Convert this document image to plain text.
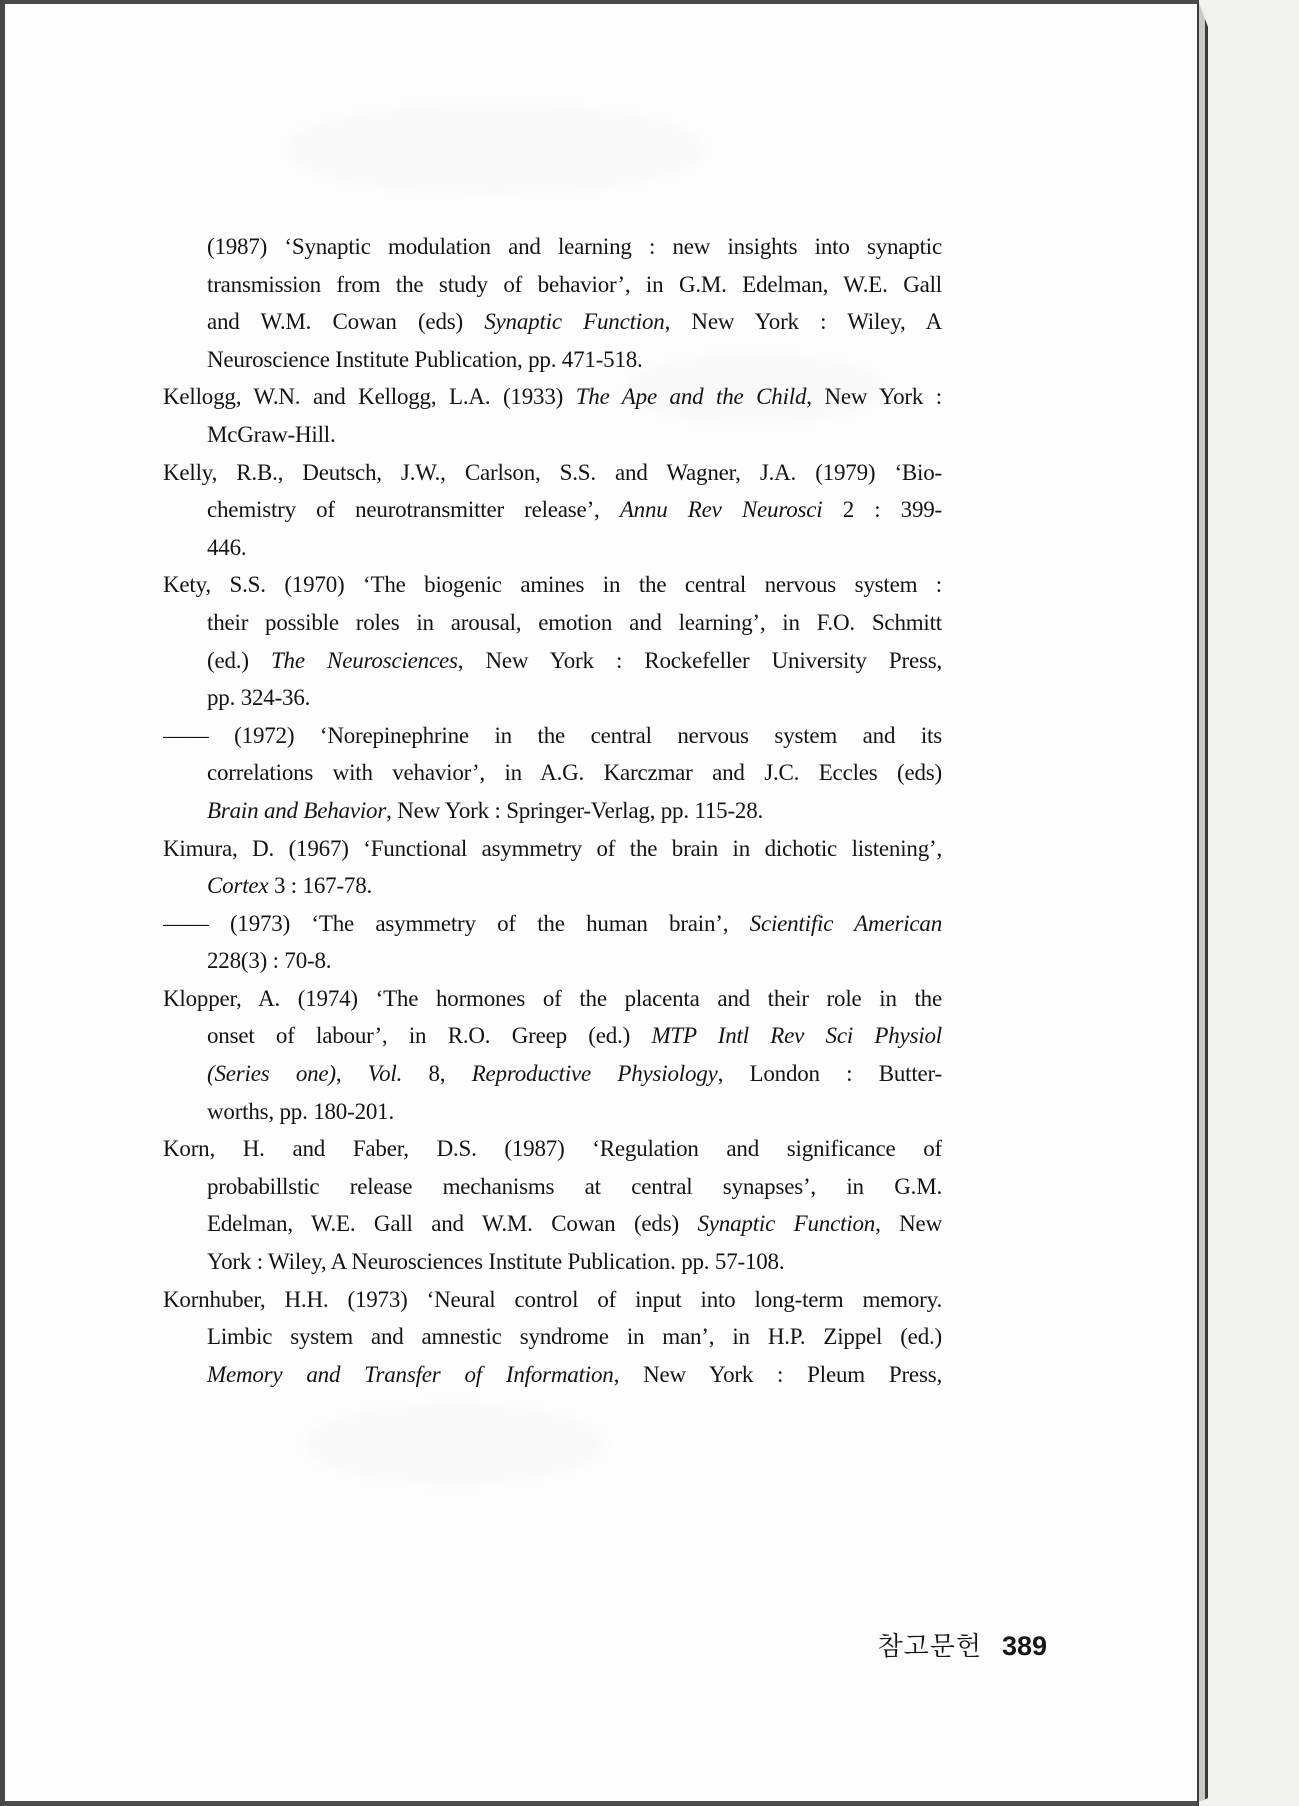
(1987) ‘Synaptic modulation and learning : new insights into synaptic
transmission from the study of behavior’, in G.M. Edelman, W.E. Gall
and W.M. Cowan (eds) Synaptic Function, New York : Wiley, A
Neuroscience Institute Publication, pp. 471-518.
Kellogg, W.N. and Kellogg, L.A. (1933) The Ape and the Child, New York :
McGraw-Hill.
Kelly, R.B., Deutsch, J.W., Carlson, S.S. and Wagner, J.A. (1979) ‘Bio-
chemistry of neurotransmitter release’, Annu Rev Neurosci 2 : 399-
446.
Kety, S.S. (1970) ‘The biogenic amines in the central nervous system :
their possible roles in arousal, emotion and learning’, in F.O. Schmitt
(ed.) The Neurosciences, New York : Rockefeller University Press,
pp. 324-36.
—— (1972) ‘Norepinephrine in the central nervous system and its
correlations with vehavior’, in A.G. Karczmar and J.C. Eccles (eds)
Brain and Behavior, New York : Springer-Verlag, pp. 115-28.
Kimura, D. (1967) ‘Functional asymmetry of the brain in dichotic listening’,
Cortex 3 : 167-78.
—— (1973) ‘The asymmetry of the human brain’, Scientific American
228(3) : 70-8.
Klopper, A. (1974) ‘The hormones of the placenta and their role in the
onset of labour’, in R.O. Greep (ed.) MTP Intl Rev Sci Physiol
(Series one), Vol. 8, Reproductive Physiology, London : Butter-
worths, pp. 180-201.
Korn, H. and Faber, D.S. (1987) ‘Regulation and significance of
probabillstic release mechanisms at central synapses’, in G.M.
Edelman, W.E. Gall and W.M. Cowan (eds) Synaptic Function, New
York : Wiley, A Neurosciences Institute Publication. pp. 57-108.
Kornhuber, H.H. (1973) ‘Neural control of input into long-term memory.
Limbic system and amnestic syndrome in man’, in H.P. Zippel (ed.)
Memory and Transfer of Information, New York : Pleum Press,
참고문헌 389
